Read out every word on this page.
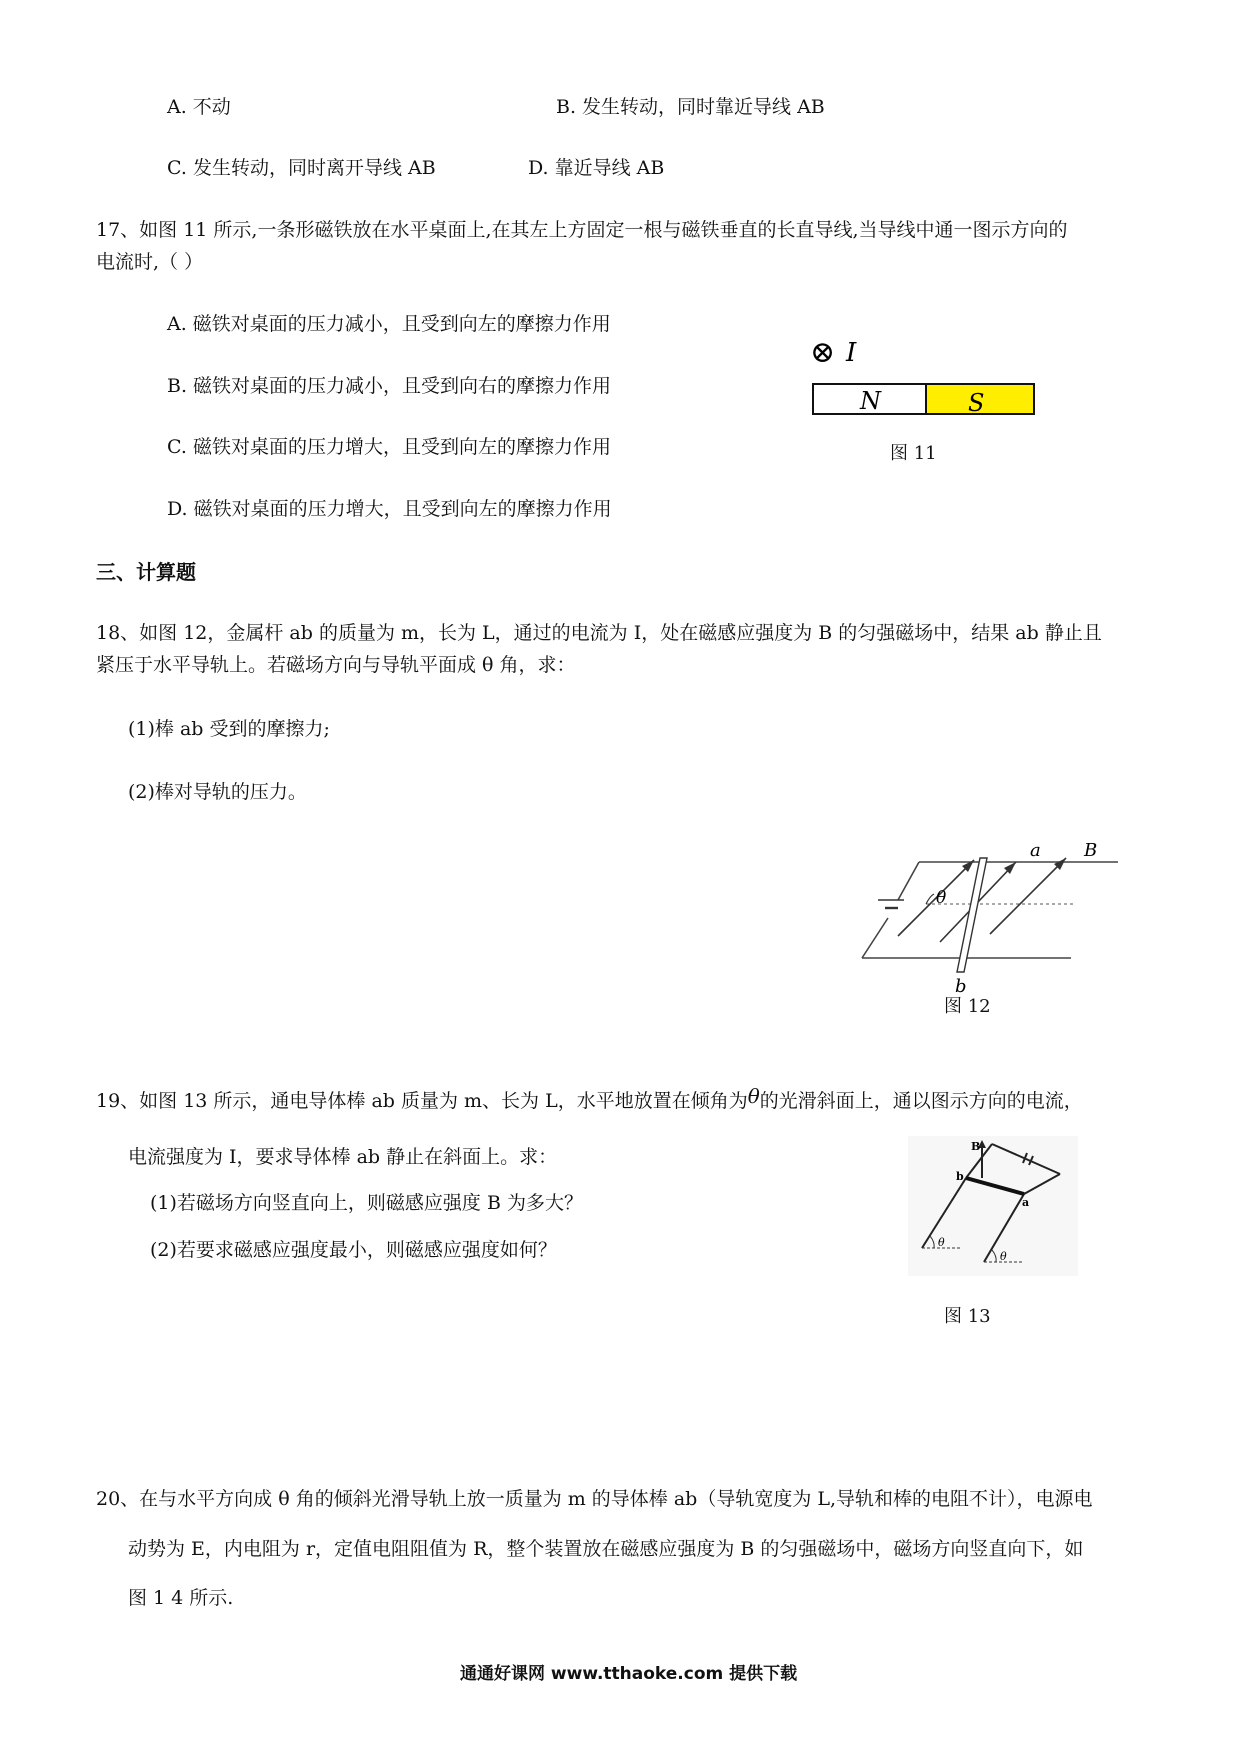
A. 不动	B. 发生转动，同时靠近导线 AB
C. 发生转动，同时离开导线 AB	D. 靠近导线 AB
17、如图 11 所示,一条形磁铁放在水平桌面上,在其左上方固定一根与磁铁垂直的长直导线,当导线中通一图示方向的
电流时,（ ）
A. 磁铁对桌面的压力减小，且受到向左的摩擦力作用
B. 磁铁对桌面的压力减小，且受到向右的摩擦力作用
C. 磁铁对桌面的压力增大，且受到向左的摩擦力作用
D. 磁铁对桌面的压力增大，且受到向左的摩擦力作用
⊗ I
N	S
图 11
三、计算题
18、如图 12，金属杆 ab 的质量为 m，长为 L，通过的电流为 I，处在磁感应强度为 B 的匀强磁场中，结果 ab 静止且
紧压于水平导轨上。若磁场方向与导轨平面成 θ 角，求：
(1)棒 ab 受到的摩擦力;
(2)棒对导轨的压力。
θ
a B
b
图 12
19、如图 13 所示，通电导体棒 ab 质量为 m、长为 L，水平地放置在倾角为θ的光滑斜面上，通以图示方向的电流，
电流强度为 I，要求导体棒 ab 静止在斜面上。求：
(1)若磁场方向竖直向上，则磁感应强度 B 为多大？
(2)若要求磁感应强度最小，则磁感应强度如何？
B
b
a
θ
θ
图 13
20、在与水平方向成 θ 角的倾斜光滑导轨上放一质量为 m 的导体棒 ab（导轨宽度为 L,导轨和棒的电阻不计），电源电
动势为 E，内电阻为 r，定值电阻阻值为 R，整个装置放在磁感应强度为 B 的匀强磁场中，磁场方向竖直向下，如
图 1 4 所示.
通通好课网 www.tthaoke.com 提供下载
